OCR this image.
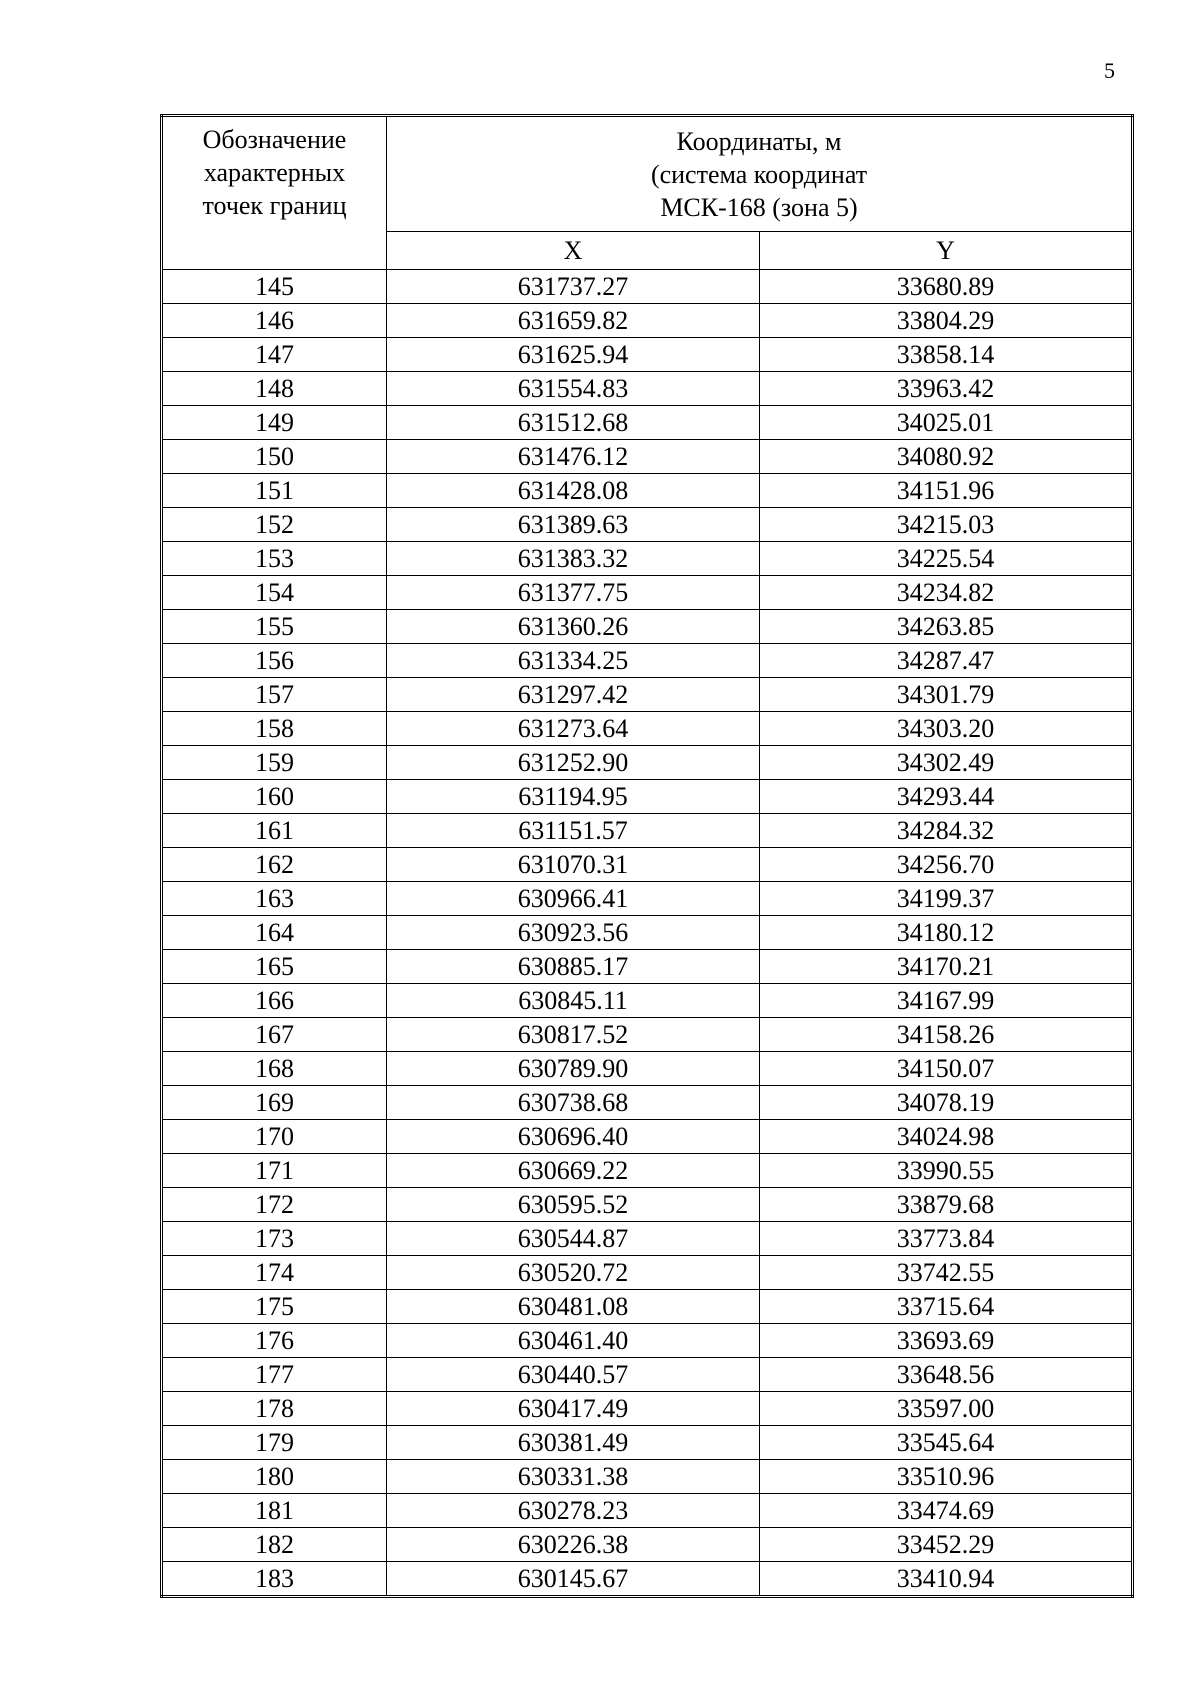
5
Обозначение
характерных
точек границ	Координаты, м
(система координат
МСК-168 (зона 5)	

	X	Y
145	631737.27	33680.89
146	631659.82	33804.29
147	631625.94	33858.14
148	631554.83	33963.42
149	631512.68	34025.01
150	631476.12	34080.92
151	631428.08	34151.96
152	631389.63	34215.03
153	631383.32	34225.54
154	631377.75	34234.82
155	631360.26	34263.85
156	631334.25	34287.47
157	631297.42	34301.79
158	631273.64	34303.20
159	631252.90	34302.49
160	631194.95	34293.44
161	631151.57	34284.32
162	631070.31	34256.70
163	630966.41	34199.37
164	630923.56	34180.12
165	630885.17	34170.21
166	630845.11	34167.99
167	630817.52	34158.26
168	630789.90	34150.07
169	630738.68	34078.19
170	630696.40	34024.98
171	630669.22	33990.55
172	630595.52	33879.68
173	630544.87	33773.84
174	630520.72	33742.55
175	630481.08	33715.64
176	630461.40	33693.69
177	630440.57	33648.56
178	630417.49	33597.00
179	630381.49	33545.64
180	630331.38	33510.96
181	630278.23	33474.69
182	630226.38	33452.29
183	630145.67	33410.94
